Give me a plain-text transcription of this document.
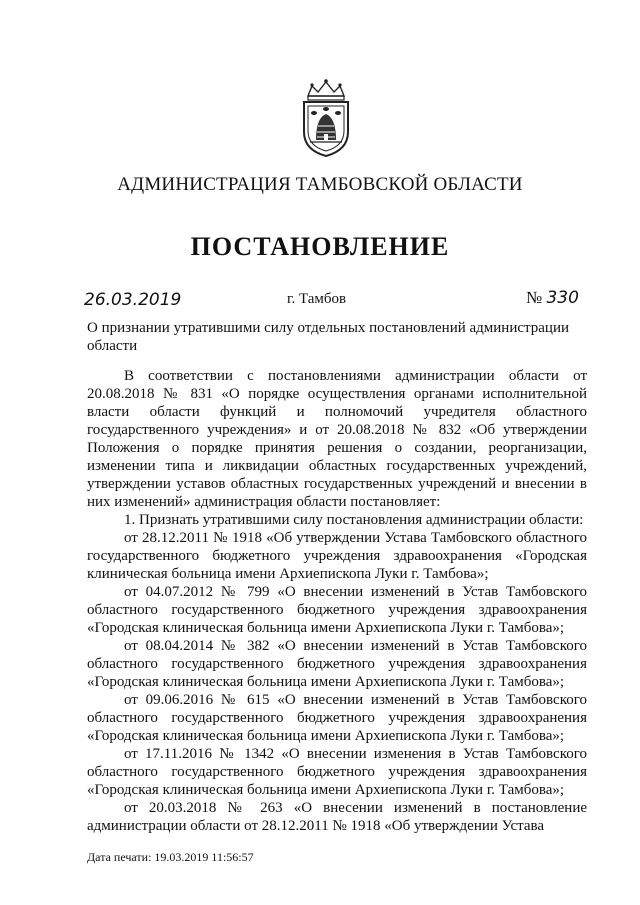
АДМИНИСТРАЦИЯ ТАМБОВСКОЙ ОБЛАСТИ
ПОСТАНОВЛЕНИЕ
26.03.2019	г. Тамбов	№ 330
О признании утратившими силу отдельных постановлений администрации области

В соответствии с постановлениями администрации области от 20.08.2018 № 831 «О порядке осуществления органами исполнительной власти области функций и полномочий учредителя областного государственного учреждения» и от 20.08.2018 № 832 «Об утверждении Положения о порядке принятия решения о создании, реорганизации, изменении типа и ликвидации областных государственных учреждений, утверждении уставов областных государственных учреждений и внесении в них изменений» администрация области постановляет:

1. Признать утратившими силу постановления администрации области:

от 28.12.2011 № 1918 «Об утверждении Устава Тамбовского областного государственного бюджетного учреждения здравоохранения «Городская клиническая больница имени Архиепископа Луки г. Тамбова»;

от 04.07.2012 № 799 «О внесении изменений в Устав Тамбовского областного государственного бюджетного учреждения здравоохранения «Городская клиническая больница имени Архиепископа Луки г. Тамбова»;

от 08.04.2014 № 382 «О внесении изменений в Устав Тамбовского областного государственного бюджетного учреждения здравоохранения «Городская клиническая больница имени Архиепископа Луки г. Тамбова»;

от 09.06.2016 № 615 «О внесении изменений в Устав Тамбовского областного государственного бюджетного учреждения здравоохранения «Городская клиническая больница имени Архиепископа Луки г. Тамбова»;

от 17.11.2016 № 1342 «О внесении изменения в Устав Тамбовского областного государственного бюджетного учреждения здравоохранения «Городская клиническая больница имени Архиепископа Луки г. Тамбова»;

от 20.03.2018 № 263 «О внесении изменений в постановление администрации области от 28.12.2011 № 1918 «Об утверждении Устава

Дата печати: 19.03.2019 11:56:57
